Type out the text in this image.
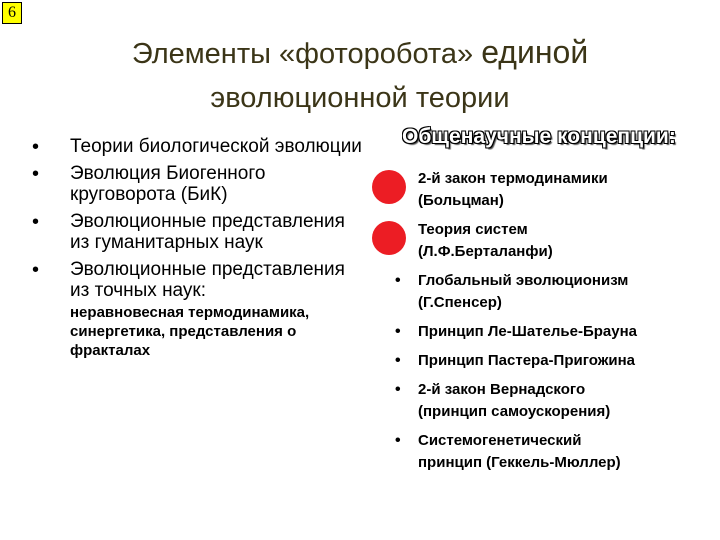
6
Элементы «фоторобота» единой
эволюционной теории
• Теории биологической эволюции
• Эволюция Биогенного круговорота (БиК)
• Эволюционные представления из гуманитарных наук
• Эволюционные представления из точных наук:
неравновесная термодинамика, синергетика, представления о фракталах
Общенаучные концепции:
2-й закон термодинамики
(Больцман)
Теория систем
(Л.Ф.Берталанфи)
• Глобальный эволюционизм
(Г.Спенсер)
• Принцип Ле-Шателье-Брауна
• Принцип Пастера-Пригожина
• 2-й закон Вернадского
(принцип самоускорения)
• Системогенетический
принцип (Геккель-Мюллер)
